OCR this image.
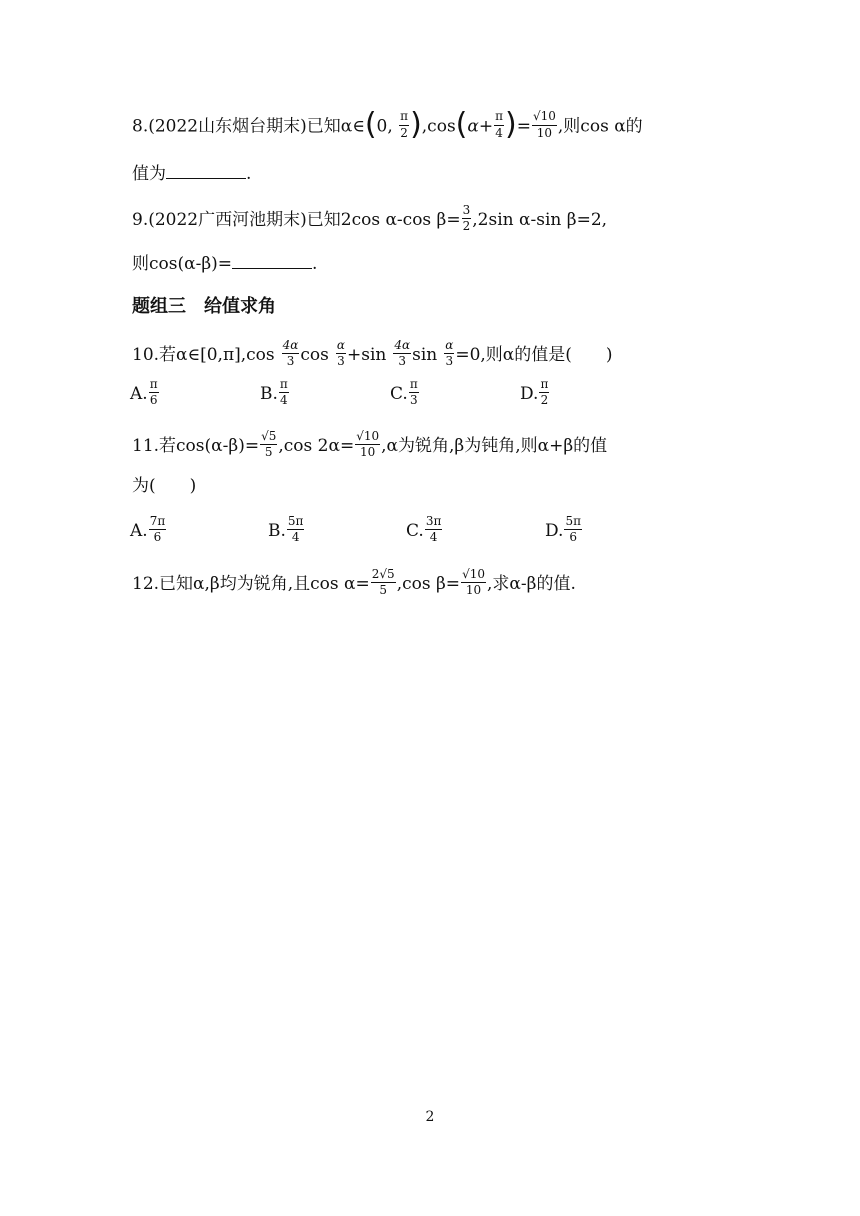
8.(2022山东烟台期末)已知α∈(0, $\frac{\pi}{2} ),\cos(\alpha+ \frac{\pi}{4}$ )= $\frac{√10}{10}$ ,则cos α的
值为	.
9.(2022广西河池期末)已知2cos α-cos $\beta= \frac{3}{2} ,2\sin$ α-sin β=2,
则cos(α-β)=	.
题组三　给值求角
10.若α∈[0,π],cos $\frac{4\alpha}{3}$ $\cos \frac{\alpha}{3} +\sin \frac{4\alpha}{3}$ $\sin \frac{\alpha}{3} =0$,则α的值是(　　)
A. $\frac{\pi}{6}$	B. $\frac{\pi}{4}$	C. $\frac{\pi}{3}$	D. $\frac{\pi}{2}$
11.若$\cos(\alpha-\beta)= \frac{√5}{5} ,\cos$ $2\alpha= \frac{√10}{10} ,\alpha$为锐角,β为钝角,则α+β的值
为(　　)
A. $\frac{7\pi}{6}$	B. $\frac{5\pi}{4}$	C. $\frac{3\pi}{4}$	D. $\frac{5\pi}{6}$
12.已知α,β均为锐角,且$\cos \alpha= \frac{2√5}{5} ,\cos$ $\beta= \frac{√10}{10}$ ,求α-β的值.
2
